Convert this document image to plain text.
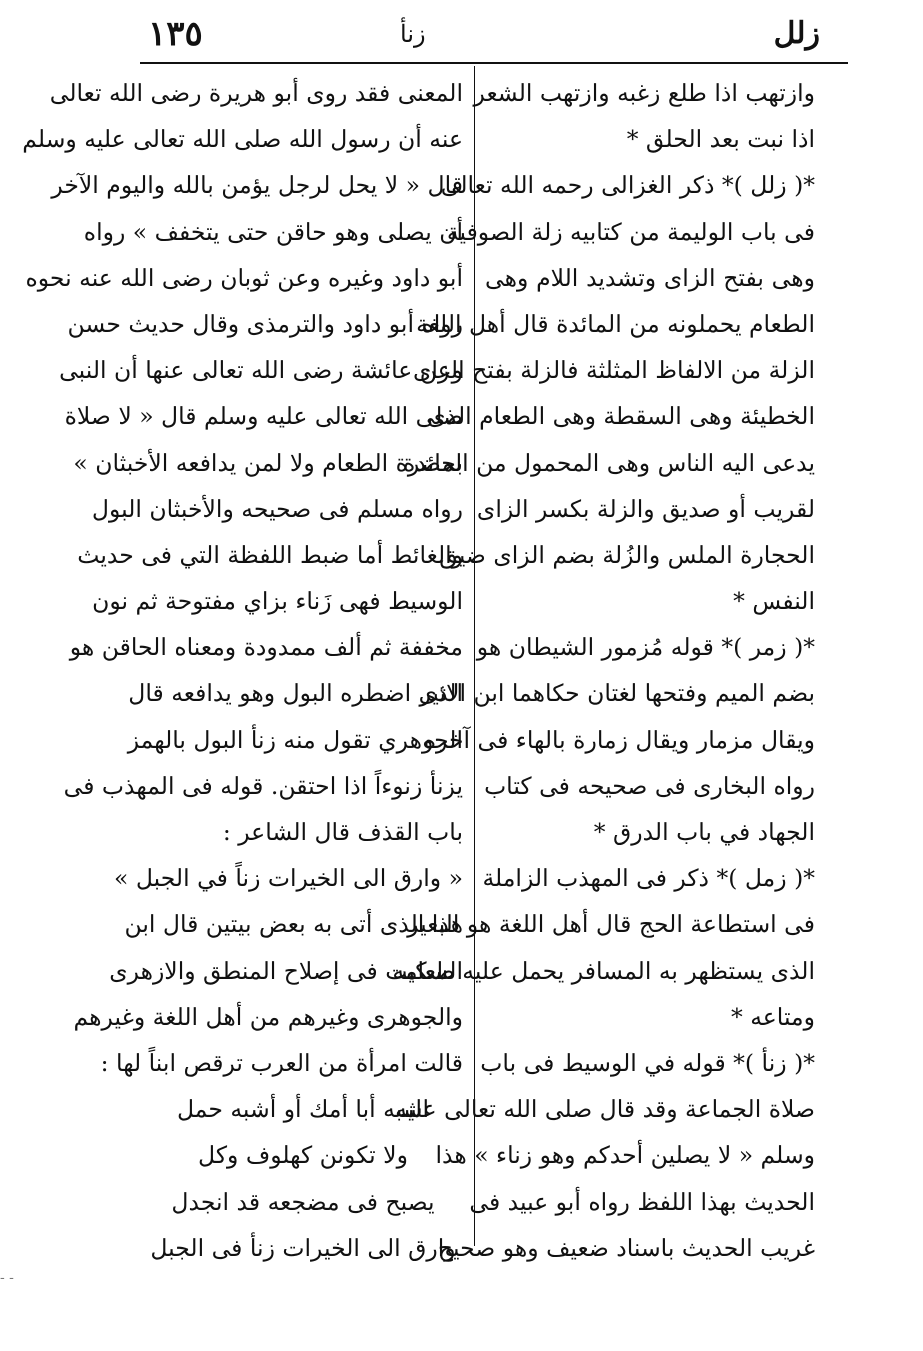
زلل
زنأ
١٣٥
وازتهب اذا طلع زغبه وازتهب الشعر
اذا نبت بعد الحلق *
*( زلل )* ذكر الغزالى رحمه الله تعالى
فى باب الوليمة من كتابيه زلة الصوفية
وهى بفتح الزاى وتشديد اللام وهى
الطعام يحملونه من المائدة قال أهل اللغة
الزلة من الالفاظ المثلثة فالزلة بفتح الزاى
الخطيئة وهى السقطة وهى الطعام الذى
يدعى اليه الناس وهى المحمول من المائدة
لقريب أو صديق والزلة بكسر الزاى
الحجارة الملس والزُلة بضم الزاى ضيق
النفس *
*( زمر )* قوله مُزمور الشيطان هو
بضم الميم وفتحها لغتان حكاهما ابن الاثير
ويقال مزمار ويقال زمارة بالهاء فى آخره
رواه البخارى فى صحيحه فى كتاب
الجهاد في باب الدرق *
*( زمل )* ذكر فى المهذب الزاملة
فى استطاعة الحج قال أهل اللغة هو البعير
الذى يستظهر به المسافر يحمل عليه طعامه
ومتاعه *
*( زنأ )* قوله في الوسيط فى باب
صلاة الجماعة وقد قال صلى الله تعالى عليه
وسلم « لا يصلين أحدكم وهو زناء » هذا
الحديث بهذا اللفظ رواه أبو عبيد فى
غريب الحديث باسناد ضعيف وهو صحيح
المعنى فقد روى أبو هريرة رضى الله تعالى
عنه أن رسول الله صلى الله تعالى عليه وسلم
قال « لا يحل لرجل يؤمن بالله واليوم الآخر
أن يصلى وهو حاقن حتى يتخفف » رواه
أبو داود وغيره وعن ثوبان رضى الله عنه نحوه
رواه أبو داود والترمذى وقال حديث حسن
وعن عائشة رضى الله تعالى عنها أن النبى
صلى الله تعالى عليه وسلم قال « لا صلاة
بحضرة الطعام ولا لمن يدافعه الأخبثان »
رواه مسلم فى صحيحه والأخبثان البول
والغائط أما ضبط اللفظة التي فى حديث
الوسيط فهى زَناء بزاي مفتوحة ثم نون
مخففة ثم ألف ممدودة ومعناه الحاقن هو
الذى اضطره البول وهو يدافعه قال
الجوهري تقول منه زنأ البول بالهمز
يزنأ زنوءاً اذا احتقن. قوله فى المهذب فى
باب القذف قال الشاعر :
« وارق الى الخيرات زناً في الجبل »
هذا الذى أتى به بعض بيتين قال ابن
السكيت فى إصلاح المنطق والازهرى
والجوهرى وغيرهم من أهل اللغة وغيرهم
قالت امرأة من العرب ترقص ابناً لها :
اشبه أبا أمك أو أشبه حمل
ولا تكونن كهلوف وكل
يصبح فى مضجعه قد انجدل
وارق الى الخيرات زنأ فى الجبل
- -
